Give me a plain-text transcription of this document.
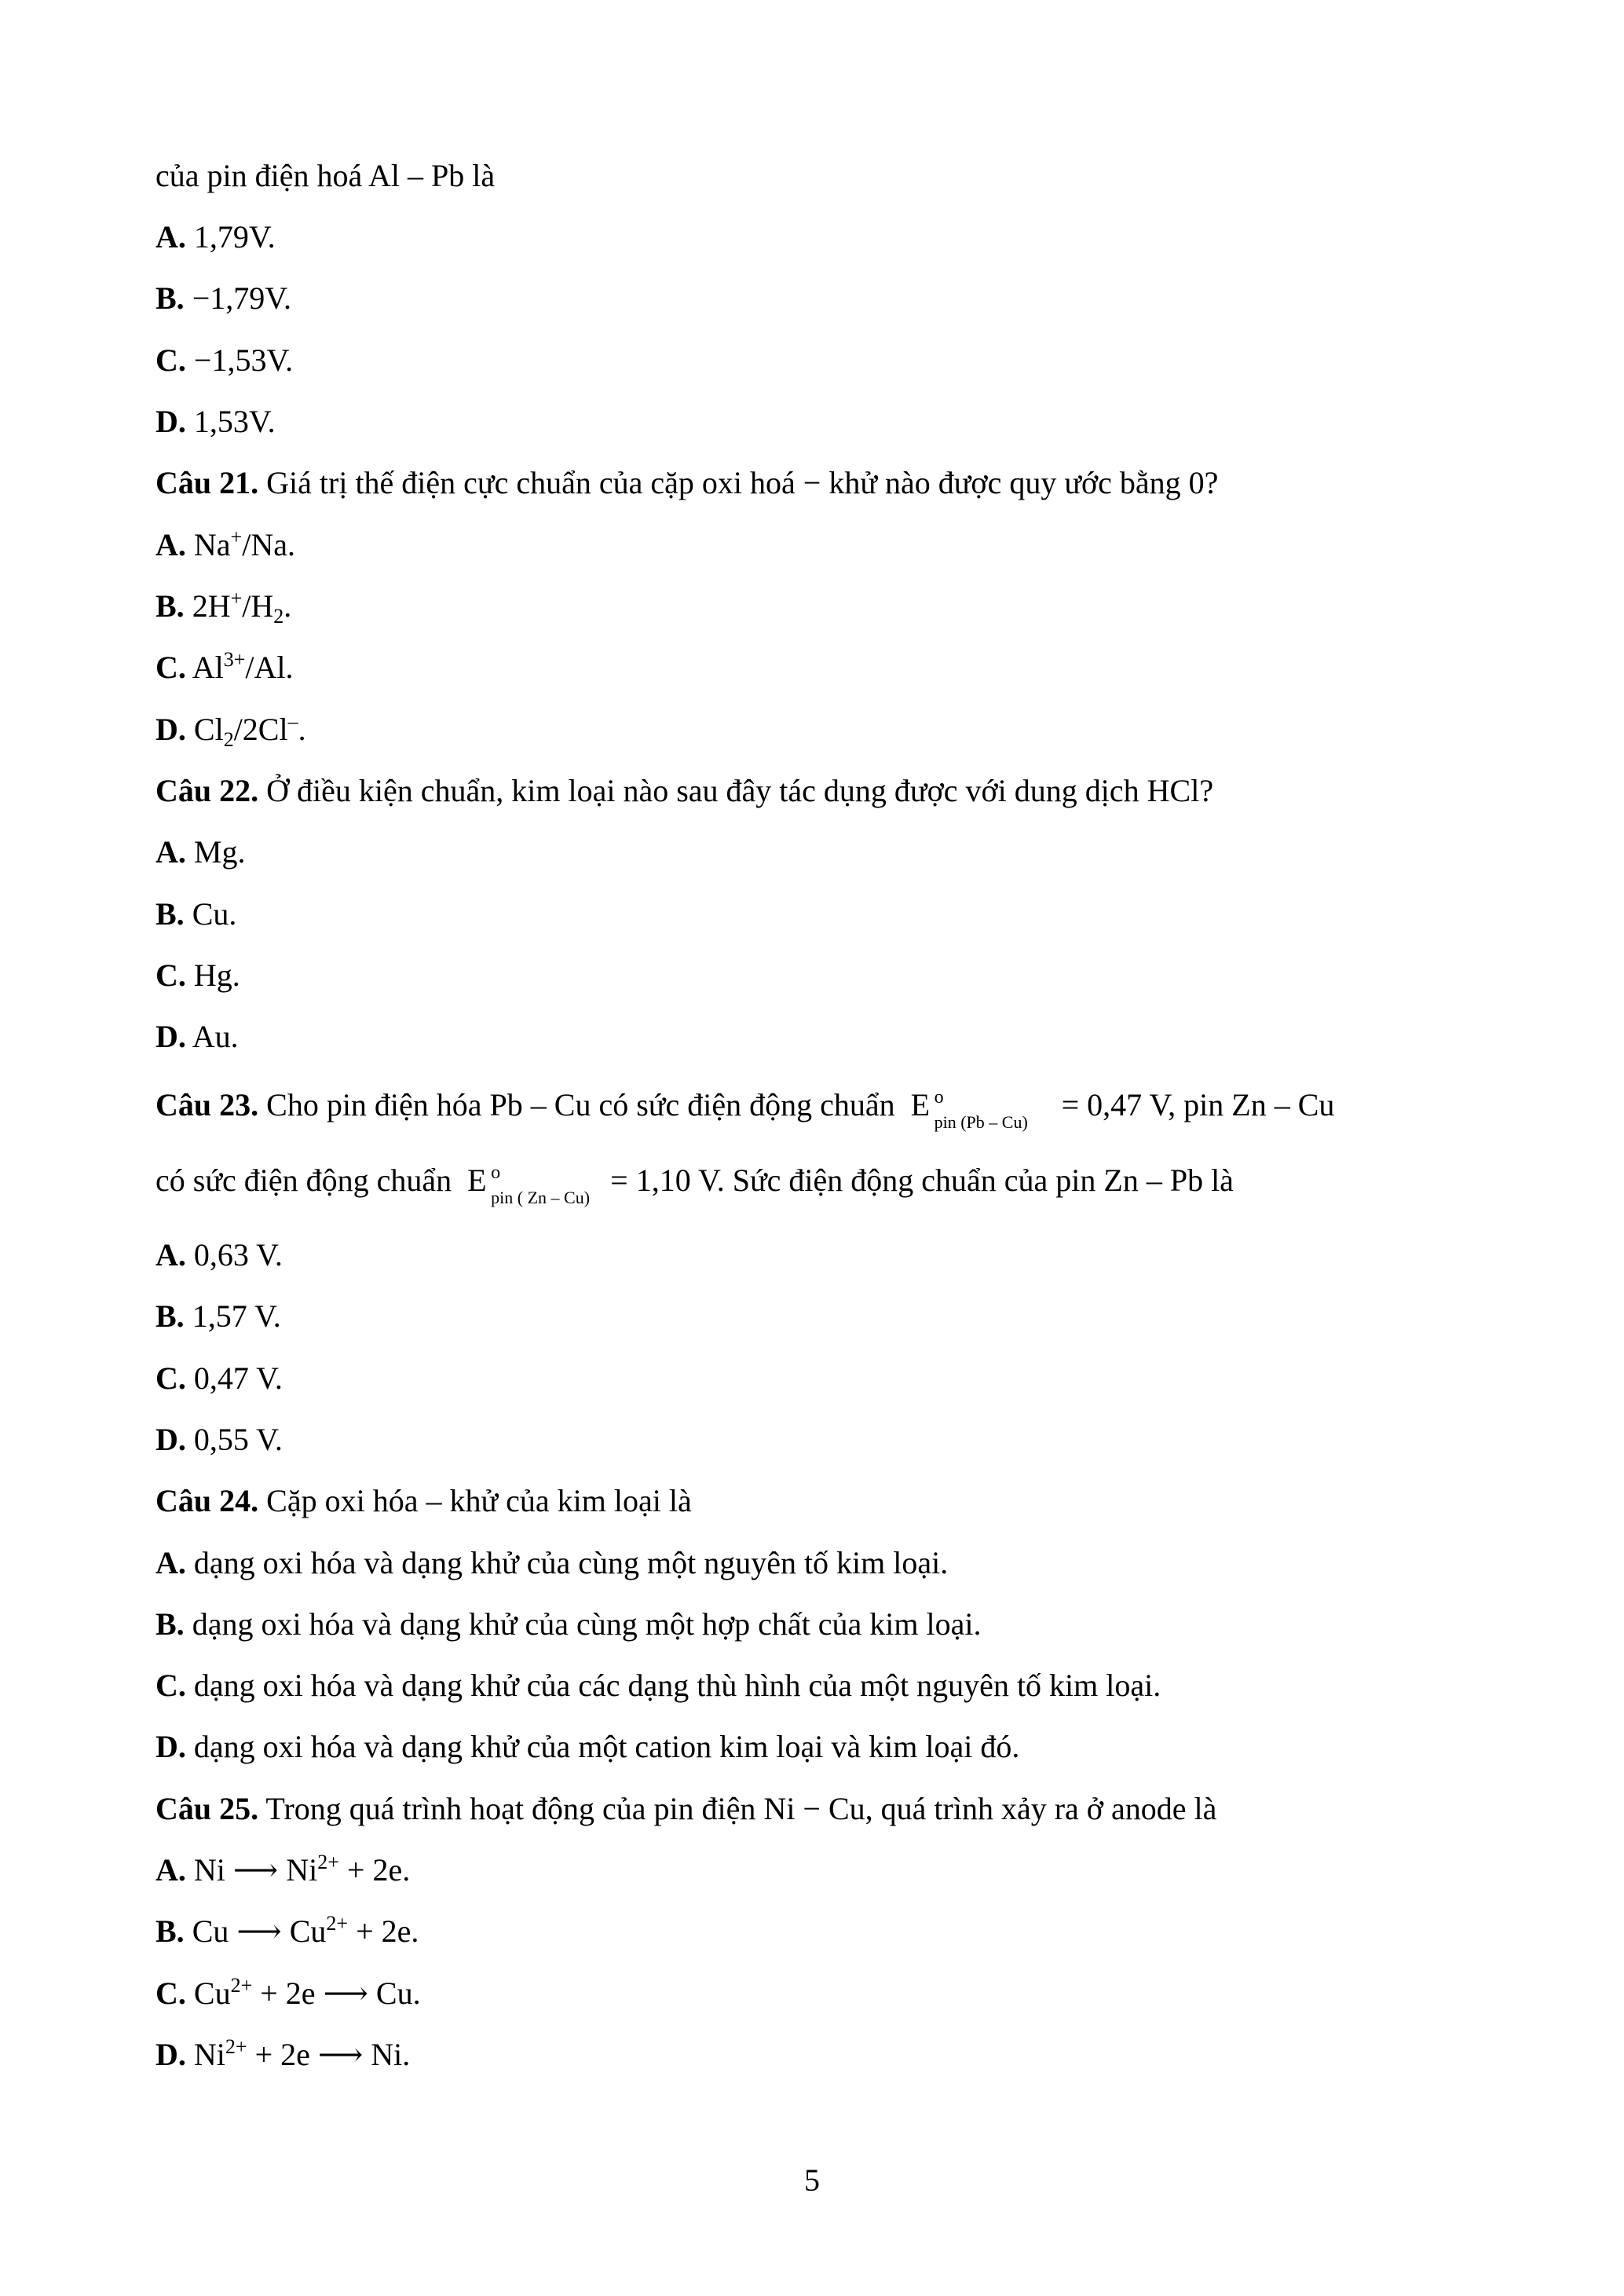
của pin điện hoá Al – Pb là
A. 1,79V.
B. −1,79V.
C. −1,53V.
D. 1,53V.
Câu 21. Giá trị thế điện cực chuẩn của cặp oxi hoá − khử nào được quy ước bằng 0?
A. Na+/Na.
B. $2H^+/H_2$.
C. $Al^{3+}/Al$.
D. $Cl_2/2Cl^-$.
Câu 22. Ở điều kiện chuẩn, kim loại nào sau đây tác dụng được với dung dịch HCl?
A. Mg.
B. Cu.
C. Hg.
D. Au.
Câu 23. Cho pin điện hóa Pb – Cu có sức điện động chuẩn E o
pin (Pb – Cu) = 0,47 V, pin Zn – Cu
có sức điện động chuẩn E o
pin ( Zn – Cu) = 1,10 V. Sức điện động chuẩn của pin Zn – Pb là
A. 0,63 V.
B. 1,57 V.
C. 0,47 V.
D. 0,55 V.
Câu 24. Cặp oxi hóa – khử của kim loại là
A. dạng oxi hóa và dạng khử của cùng một nguyên tố kim loại.
B. dạng oxi hóa và dạng khử của cùng một hợp chất của kim loại.
C. dạng oxi hóa và dạng khử của các dạng thù hình của một nguyên tố kim loại.
D. dạng oxi hóa và dạng khử của một cation kim loại và kim loại đó.
Câu 25. Trong quá trình hoạt động của pin điện Ni − Cu, quá trình xảy ra ở anode là
A. Ni ⟶ $Ni^{2+} + 2e$.
B. Cu ⟶ $Cu^{2+} + 2e$.
C. $Cu^{2+} + 2e$ ⟶ Cu.
D. $Ni^{2+} + 2e$ ⟶ Ni.
5
